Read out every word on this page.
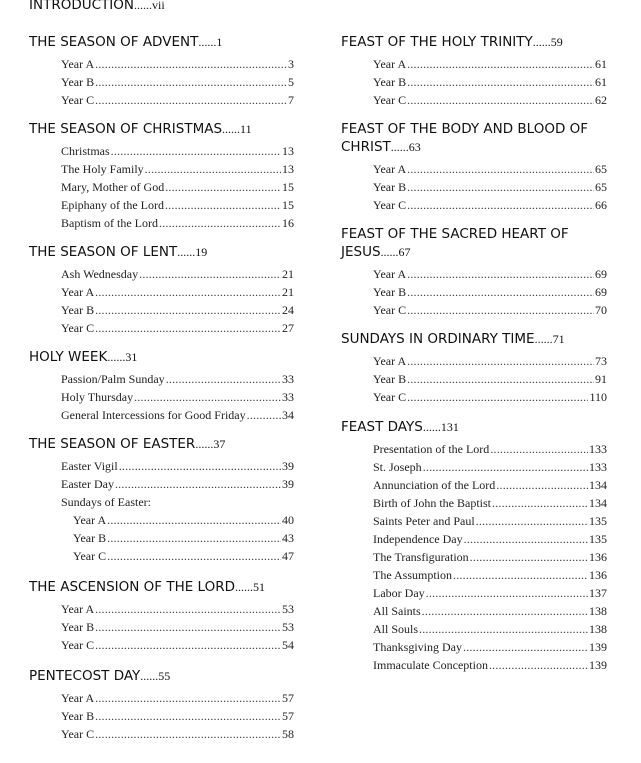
INTRODUCTION......vii
THE SEASON OF ADVENT......1
Year A .....	3
Year B .....	5
Year C .....	7
THE SEASON OF CHRISTMAS......11
Christmas .....	13
The Holy Family .....	13
Mary, Mother of God .....	15
Epiphany of the Lord .....	15
Baptism of the Lord .....	16
THE SEASON OF LENT......19
Ash Wednesday .....	21
Year A .....	21
Year B .....	24
Year C .....	27
HOLY WEEK......31
Passion/Palm Sunday .....	33
Holy Thursday .....	33
General Intercessions for Good Friday .....	34
THE SEASON OF EASTER......37
Easter Vigil .....	39
Easter Day .....	39
Sundays of Easter:
Year A .....	40
Year B .....	43
Year C .....	47
THE ASCENSION OF THE LORD......51
Year A .....	53
Year B .....	53
Year C .....	54
PENTECOST DAY......55
Year A .....	57
Year B .....	57
Year C .....	58
FEAST OF THE HOLY TRINITY......59
Year A .....	61
Year B .....	61
Year C .....	62
FEAST OF THE BODY AND BLOOD OF CHRIST......63
Year A .....	65
Year B .....	65
Year C .....	66
FEAST OF THE SACRED HEART OF JESUS......67
Year A .....	69
Year B .....	69
Year C .....	70
SUNDAYS IN ORDINARY TIME......71
Year A .....	73
Year B .....	91
Year C .....	110
FEAST DAYS......131
Presentation of the Lord .....	133
St. Joseph .....	133
Annunciation of the Lord .....	134
Birth of John the Baptist .....	134
Saints Peter and Paul .....	135
Independence Day .....	135
The Transfiguration .....	136
The Assumption .....	136
Labor Day .....	137
All Saints .....	138
All Souls .....	138
Thanksgiving Day .....	139
Immaculate Conception .....	139
